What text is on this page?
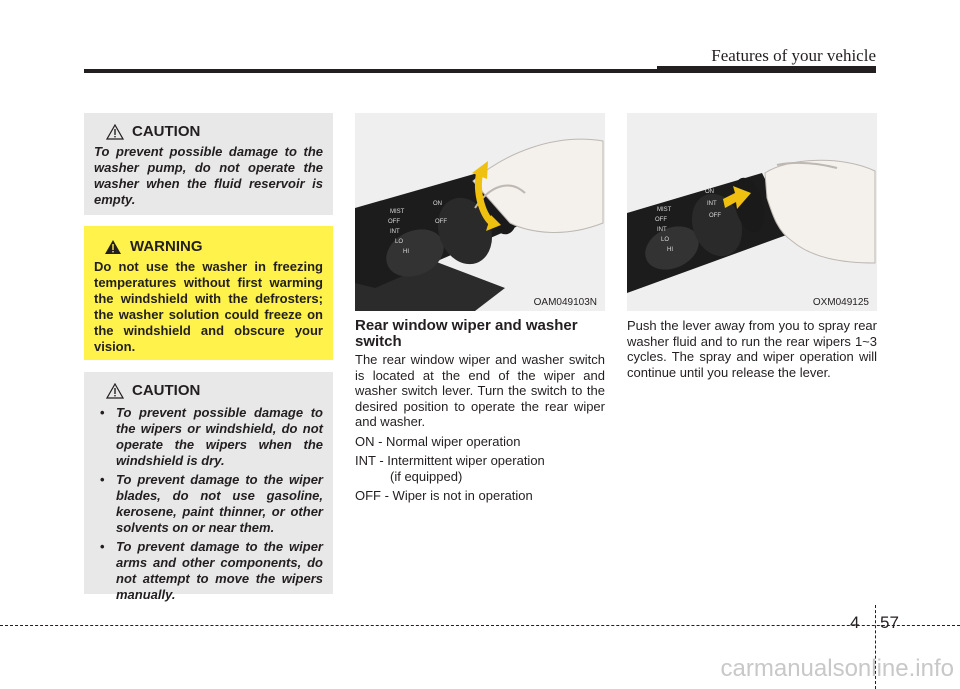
Features of your vehicle
CAUTION
To prevent possible damage to the washer pump, do not operate the washer when the fluid reservoir is empty.
WARNING
Do not use the washer in freezing temperatures without first warming the windshield with the defrosters; the washer solution could freeze on the windshield and obscure your vision.
CAUTION
• To prevent possible damage to the wipers or windshield, do not operate the wipers when the windshield is dry.
• To prevent damage to the wiper blades, do not use gasoline, kerosene, paint thinner, or other solvents on or near them.
• To prevent damage to the wiper arms and other components, do not attempt to move the wipers manually.
MIST
OFF
INT
LO
HI
ON
OFF
OAM049103N
MIST
OFF
INT
LO
HI
ON
INT
OFF
OXM049125
Rear window wiper and washer switch
The rear window wiper and washer switch is located at the end of the wiper and washer switch lever. Turn the switch to the desired position to operate the rear wiper and washer.
ON - Normal wiper operation
INT - Intermittent wiper operation
(if equipped)
OFF - Wiper is not in operation
Push the lever away from you to spray rear washer fluid and to run the rear wipers 1~3 cycles. The spray and wiper operation will continue until you release the lever.
4 57
carmanualsonline.info
